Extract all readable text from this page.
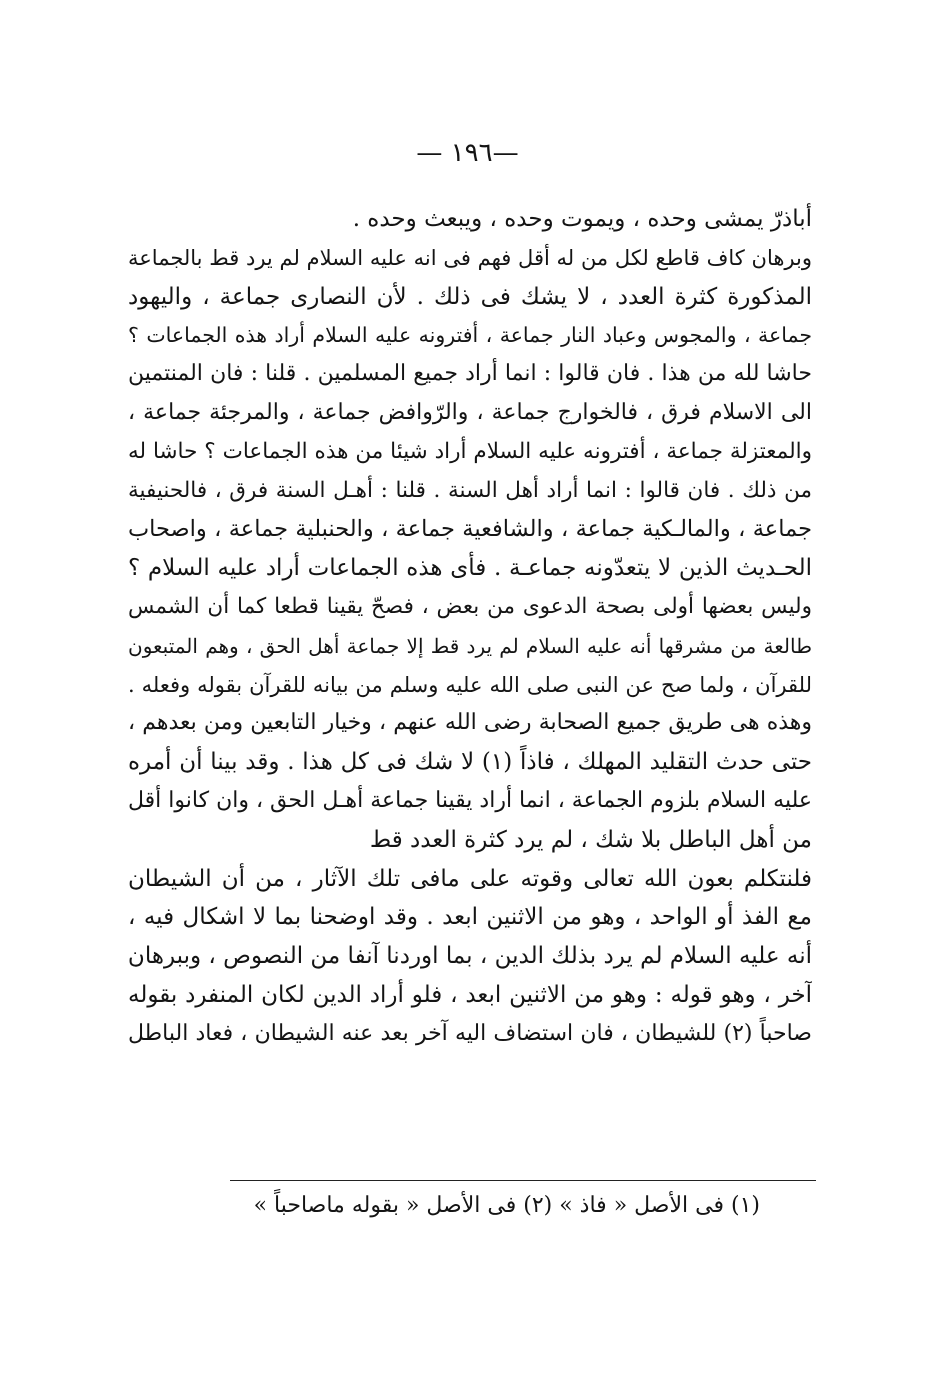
—١٩٦ —
أباذرّ يمشى وحده ، ويموت وحده ، ويبعث وحده .
وبرهان كاف قاطع لكل من له أقل فهم فى انه عليه السلام لم يرد قط بالجماعة
المذكورة كثرة العدد ، لا يشك فى ذلك . لأن النصارى جماعة ، واليهود
جماعة ، والمجوس وعباد النار جماعة ، أفترونه عليه السلام أراد هذه الجماعات ؟
حاشا لله من هذا . فان قالوا : انما أراد جميع المسلمين . قلنا : فان المنتمين
الى الاسلام فرق ، فالخوارج جماعة ، والرّوافض جماعة ، والمرجئة جماعة ،
والمعتزلة جماعة ، أفترونه عليه السلام أراد شيئا من هذه الجماعات ؟ حاشا له
من ذلك . فان قالوا : انما أراد أهل السنة . قلنا : أهـل السنة فرق ، فالحنيفية
جماعة ، والمالـكية جماعة ، والشافعية جماعة ، والحنبلية جماعة ، واصحاب
الحـديث الذين لا يتعدّونه جماعـة . فأى هذه الجماعات أراد عليه السلام ؟
وليس بعضها أولى بصحة الدعوى من بعض ، فصحّ يقينا قطعا كما أن الشمس
طالعة من مشرقها أنه عليه السلام لم يرد قط إلا جماعة أهل الحق ، وهم المتبعون
للقرآن ، ولما صح عن النبى صلى الله عليه وسلم من بيانه للقرآن بقوله وفعله .
وهذه هى طريق جميع الصحابة رضى الله عنهم ، وخيار التابعين ومن بعدهم ،
حتى حدث التقليد المهلك ، فاذاً (١) لا شك فى كل هذا . وقد بينا أن أمره
عليه السلام بلزوم الجماعة ، انما أراد يقينا جماعة أهـل الحق ، وان كانوا أقل
من أهل الباطل بلا شك ، لم يرد كثرة العدد قط
فلنتكلم بعون الله تعالى وقوته على مافى تلك الآثار ، من أن الشيطان
مع الفذ أو الواحد ، وهو من الاثنين ابعد . وقد اوضحنا بما لا اشكال فيه ،
أنه عليه السلام لم يرد بذلك الدين ، بما اوردنا آنفا من النصوص ، وببرهان
آخر ، وهو قوله : وهو من الاثنين ابعد ، فلو أراد الدين لكان المنفرد بقوله
صاحباً (٢) للشيطان ، فان استضاف اليه آخر بعد عنه الشيطان ، فعاد الباطل
(١) فى الأصل « فاذ » (٢) فى الأصل « بقوله ماصاحباً »
